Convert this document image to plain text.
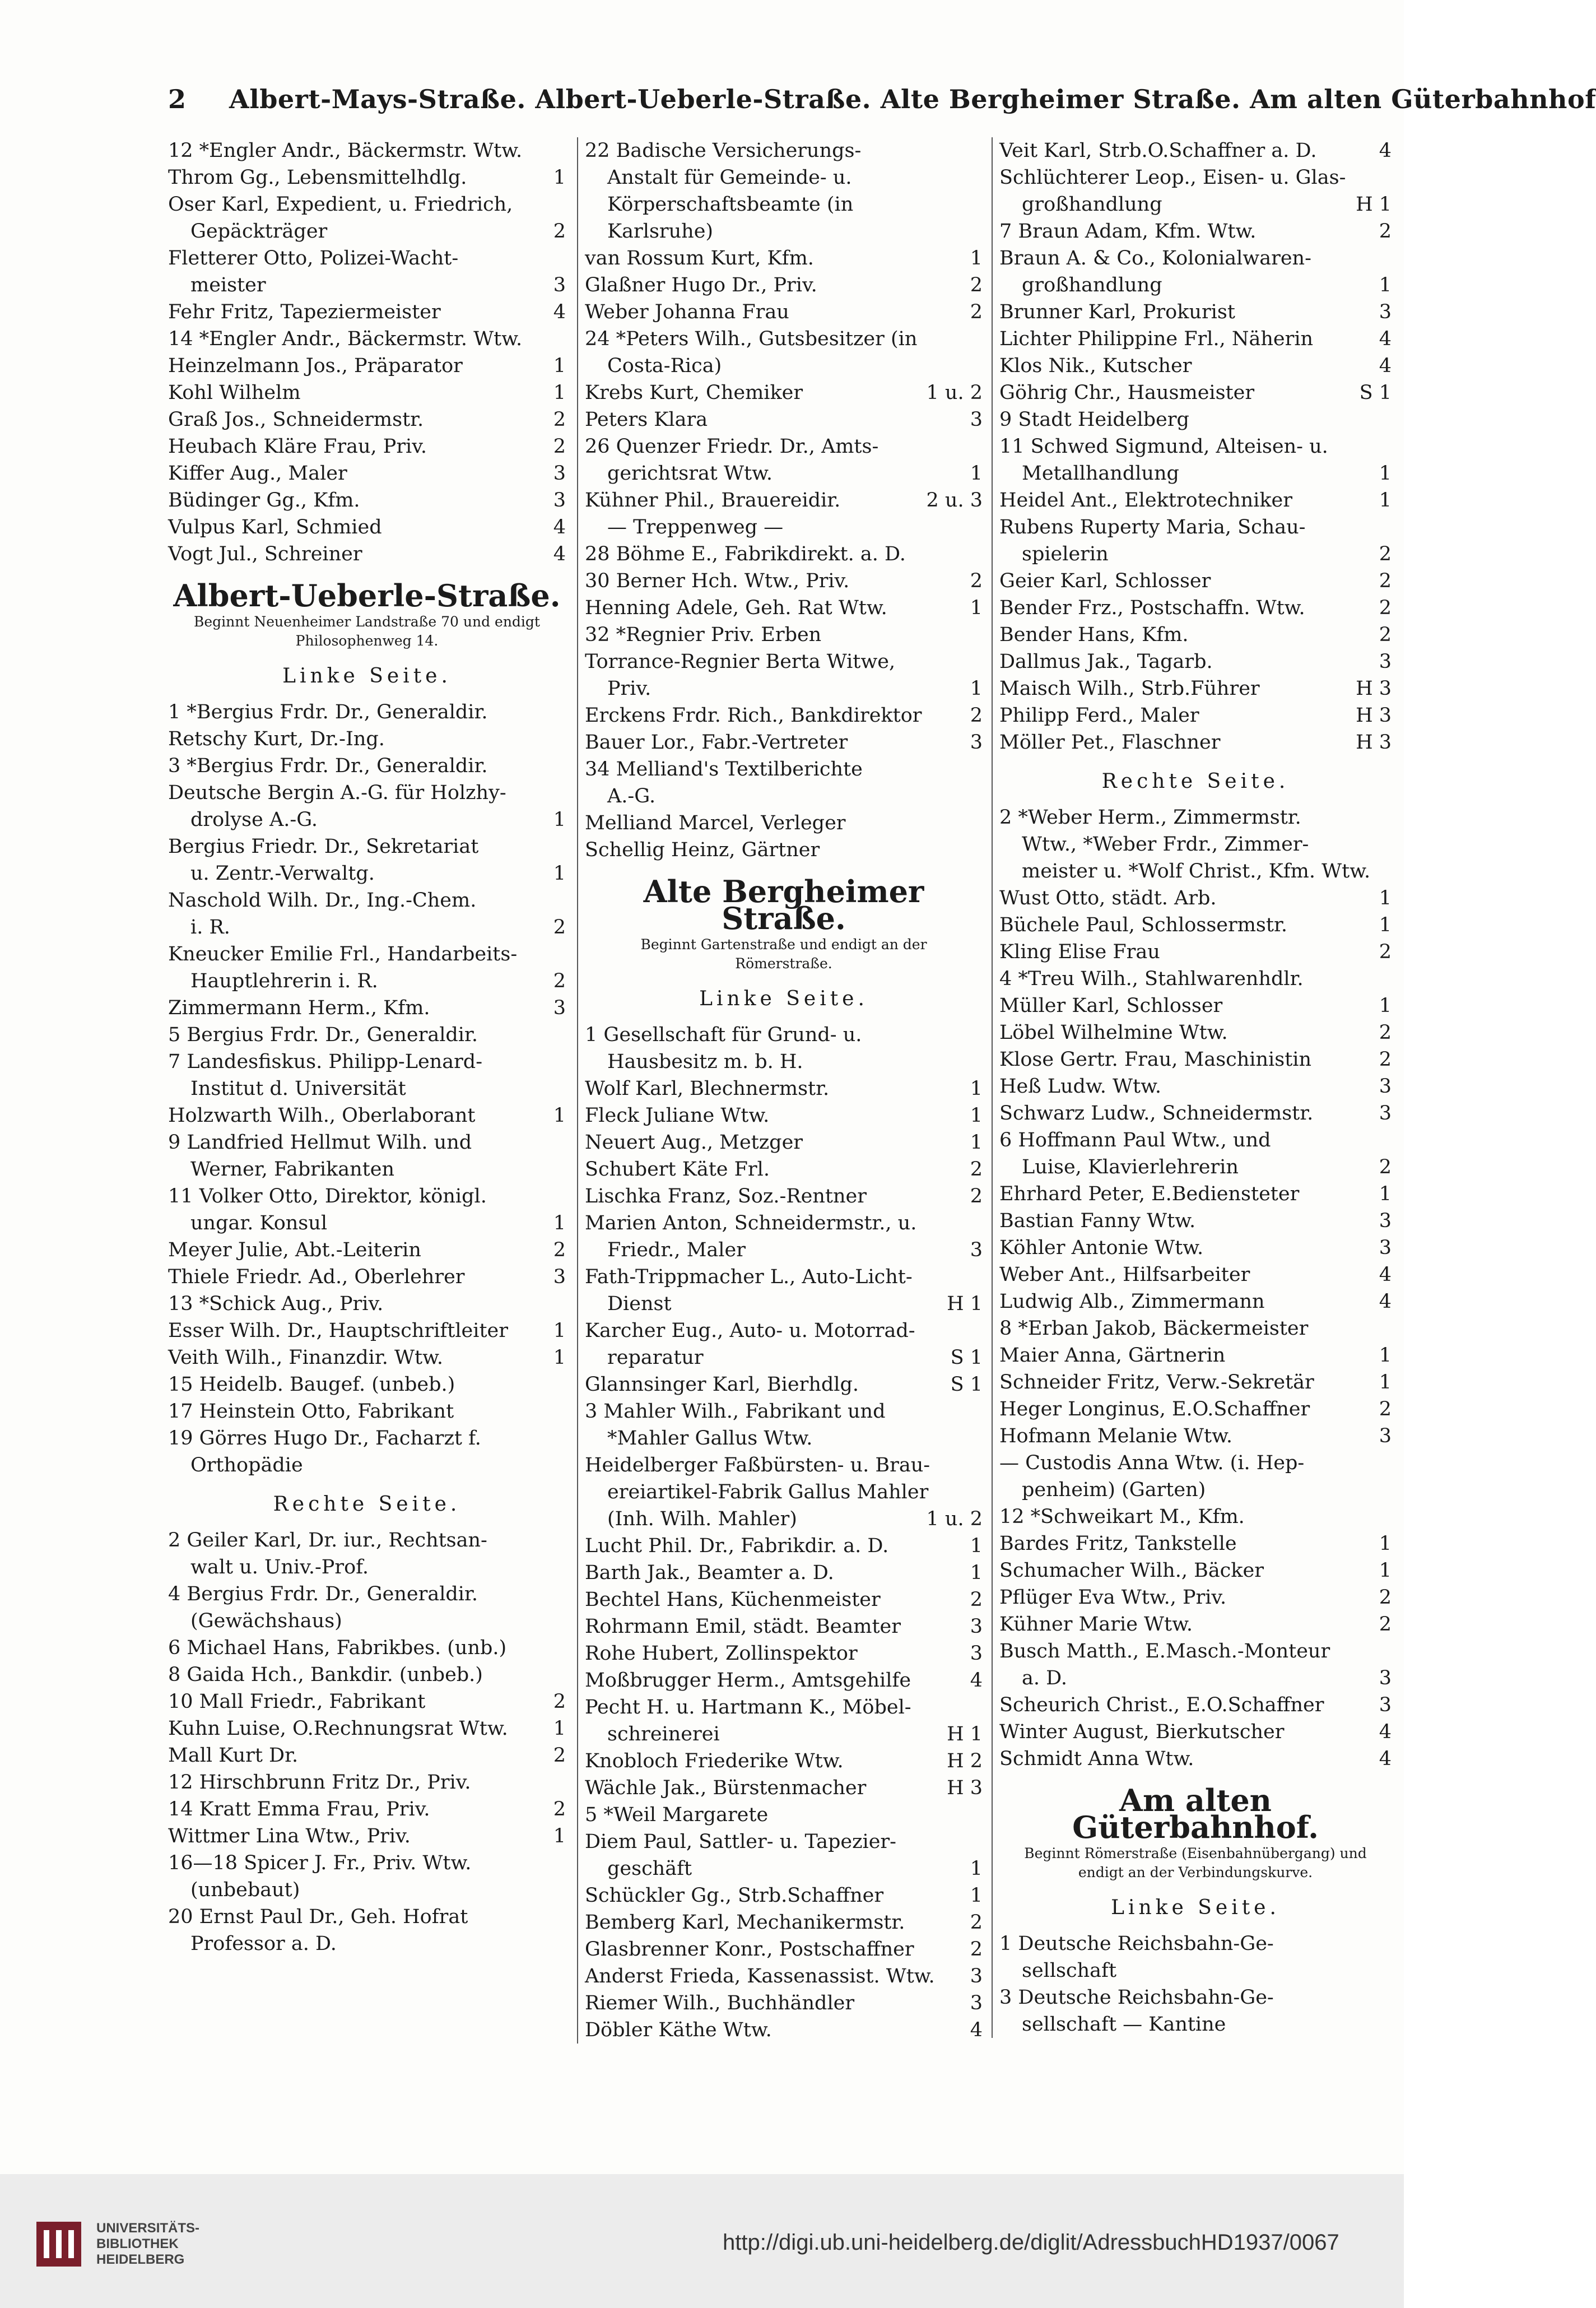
2 Albert-Mays-Straße. Albert-Ueberle-Straße. Alte Bergheimer Straße. Am alten Güterbahnhof
12 *Engler Andr., Bäckermstr. Wtw.
Throm Gg., Lebensmittelhdlg.	1
Oser Karl, Expedient, u. Friedrich,
Gepäckträger	2
Fletterer Otto, Polizei-Wacht-
meister	3
Fehr Fritz, Tapeziermeister	4
14 *Engler Andr., Bäckermstr. Wtw.
Heinzelmann Jos., Präparator	1
Kohl Wilhelm	1
Graß Jos., Schneidermstr.	2
Heubach Kläre Frau, Priv.	2
Kiffer Aug., Maler	3
Büdinger Gg., Kfm.	3
Vulpus Karl, Schmied	4
Vogt Jul., Schreiner	4
Albert-Ueberle-Straße.
Beginnt Neuenheimer Landstraße 70 und endigt Philosophenweg 14.
Linke Seite.
1 *Bergius Frdr. Dr., Generaldir.
Retschy Kurt, Dr.-Ing.
3 *Bergius Frdr. Dr., Generaldir.
Deutsche Bergin A.-G. für Holzhy-
drolyse A.-G.	1
Bergius Friedr. Dr., Sekretariat
u. Zentr.-Verwaltg.	1
Naschold Wilh. Dr., Ing.-Chem.
i. R.	2
Kneucker Emilie Frl., Handarbeits-
Hauptlehrerin i. R.	2
Zimmermann Herm., Kfm.	3
5 Bergius Frdr. Dr., Generaldir.
7 Landesfiskus. Philipp-Lenard-
Institut d. Universität
Holzwarth Wilh., Oberlaborant	1
9 Landfried Hellmut Wilh. und
Werner, Fabrikanten
11 Volker Otto, Direktor, königl.
ungar. Konsul	1
Meyer Julie, Abt.-Leiterin	2
Thiele Friedr. Ad., Oberlehrer	3
13 *Schick Aug., Priv.
Esser Wilh. Dr., Hauptschriftleiter	1
Veith Wilh., Finanzdir. Wtw.	1
15 Heidelb. Baugef. (unbeb.)
17 Heinstein Otto, Fabrikant
19 Görres Hugo Dr., Facharzt f.
Orthopädie
Rechte Seite.
2 Geiler Karl, Dr. iur., Rechtsan-
walt u. Univ.-Prof.
4 Bergius Frdr. Dr., Generaldir.
(Gewächshaus)
6 Michael Hans, Fabrikbes. (unb.)
8 Gaida Hch., Bankdir. (unbeb.)
10 Mall Friedr., Fabrikant	2
Kuhn Luise, O.Rechnungsrat Wtw.	1
Mall Kurt Dr.	2
12 Hirschbrunn Fritz Dr., Priv.
14 Kratt Emma Frau, Priv.	2
Wittmer Lina Wtw., Priv.	1
16—18 Spicer J. Fr., Priv. Wtw.
(unbebaut)
20 Ernst Paul Dr., Geh. Hofrat
Professor a. D.
22 Badische Versicherungs-
Anstalt für Gemeinde- u.
Körperschaftsbeamte (in
Karlsruhe)
van Rossum Kurt, Kfm.	1
Glaßner Hugo Dr., Priv.	2
Weber Johanna Frau	2
24 *Peters Wilh., Gutsbesitzer (in
Costa-Rica)
Krebs Kurt, Chemiker	1 u. 2
Peters Klara	3
26 Quenzer Friedr. Dr., Amts-
gerichtsrat Wtw.	1
Kühner Phil., Brauereidir.	2 u. 3
— Treppenweg —
28 Böhme E., Fabrikdirekt. a. D.
30 Berner Hch. Wtw., Priv.	2
Henning Adele, Geh. Rat Wtw.	1
32 *Regnier Priv. Erben
Torrance-Regnier Berta Witwe,
Priv.	1
Erckens Frdr. Rich., Bankdirektor	2
Bauer Lor., Fabr.-Vertreter	3
34 Melliand's Textilberichte
A.-G.
Melliand Marcel, Verleger
Schellig Heinz, Gärtner
Alte Bergheimer Straße.
Beginnt Gartenstraße und endigt an der Römerstraße.
Linke Seite.
1 Gesellschaft für Grund- u.
Hausbesitz m. b. H.
Wolf Karl, Blechnermstr.	1
Fleck Juliane Wtw.	1
Neuert Aug., Metzger	1
Schubert Käte Frl.	2
Lischka Franz, Soz.-Rentner	2
Marien Anton, Schneidermstr., u.
Friedr., Maler	3
Fath-Trippmacher L., Auto-Licht-
Dienst	H 1
Karcher Eug., Auto- u. Motorrad-
reparatur	S 1
Glannsinger Karl, Bierhdlg.	S 1
3 Mahler Wilh., Fabrikant und
*Mahler Gallus Wtw.
Heidelberger Faßbürsten- u. Brau-
ereiartikel-Fabrik Gallus Mahler
(Inh. Wilh. Mahler)	1 u. 2
Lucht Phil. Dr., Fabrikdir. a. D.	1
Barth Jak., Beamter a. D.	1
Bechtel Hans, Küchenmeister	2
Rohrmann Emil, städt. Beamter	3
Rohe Hubert, Zollinspektor	3
Moßbrugger Herm., Amtsgehilfe	4
Pecht H. u. Hartmann K., Möbel-
schreinerei	H 1
Knobloch Friederike Wtw.	H 2
Wächle Jak., Bürstenmacher	H 3
5 *Weil Margarete
Diem Paul, Sattler- u. Tapezier-
geschäft	1
Schückler Gg., Strb.Schaffner	1
Bemberg Karl, Mechanikermstr.	2
Glasbrenner Konr., Postschaffner	2
Anderst Frieda, Kassenassist. Wtw.	3
Riemer Wilh., Buchhändler	3
Döbler Käthe Wtw.	4
Veit Karl, Strb.O.Schaffner a. D.	4
Schlüchterer Leop., Eisen- u. Glas-
großhandlung	H 1
7 Braun Adam, Kfm. Wtw.	2
Braun A. & Co., Kolonialwaren-
großhandlung	1
Brunner Karl, Prokurist	3
Lichter Philippine Frl., Näherin	4
Klos Nik., Kutscher	4
Göhrig Chr., Hausmeister	S 1
9 Stadt Heidelberg
11 Schwed Sigmund, Alteisen- u.
Metallhandlung	1
Heidel Ant., Elektrotechniker	1
Rubens Ruperty Maria, Schau-
spielerin	2
Geier Karl, Schlosser	2
Bender Frz., Postschaffn. Wtw.	2
Bender Hans, Kfm.	2
Dallmus Jak., Tagarb.	3
Maisch Wilh., Strb.Führer	H 3
Philipp Ferd., Maler	H 3
Möller Pet., Flaschner	H 3
Rechte Seite.
2 *Weber Herm., Zimmermstr.
Wtw., *Weber Frdr., Zimmer-
meister u. *Wolf Christ., Kfm. Wtw.
Wust Otto, städt. Arb.	1
Büchele Paul, Schlossermstr.	1
Kling Elise Frau	2
4 *Treu Wilh., Stahlwarenhdlr.
Müller Karl, Schlosser	1
Löbel Wilhelmine Wtw.	2
Klose Gertr. Frau, Maschinistin	2
Heß Ludw. Wtw.	3
Schwarz Ludw., Schneidermstr.	3
6 Hoffmann Paul Wtw., und
Luise, Klavierlehrerin	2
Ehrhard Peter, E.Bediensteter	1
Bastian Fanny Wtw.	3
Köhler Antonie Wtw.	3
Weber Ant., Hilfsarbeiter	4
Ludwig Alb., Zimmermann	4
8 *Erban Jakob, Bäckermeister
Maier Anna, Gärtnerin	1
Schneider Fritz, Verw.-Sekretär	1
Heger Longinus, E.O.Schaffner	2
Hofmann Melanie Wtw.	3
— Custodis Anna Wtw. (i. Hep-
penheim) (Garten)
12 *Schweikart M., Kfm.
Bardes Fritz, Tankstelle	1
Schumacher Wilh., Bäcker	1
Pflüger Eva Wtw., Priv.	2
Kühner Marie Wtw.	2
Busch Matth., E.Masch.-Monteur
a. D.	3
Scheurich Christ., E.O.Schaffner	3
Winter August, Bierkutscher	4
Schmidt Anna Wtw.	4
Am alten Güterbahnhof.
Beginnt Römerstraße (Eisenbahnübergang) und endigt an der Verbindungskurve.
Linke Seite.
1 Deutsche Reichsbahn-Ge-
sellschaft
3 Deutsche Reichsbahn-Ge-
sellschaft — Kantine
UNIVERSITÄTS-
BIBLIOTHEK
HEIDELBERG
http://digi.ub.uni-heidelberg.de/diglit/AdressbuchHD1937/0067
